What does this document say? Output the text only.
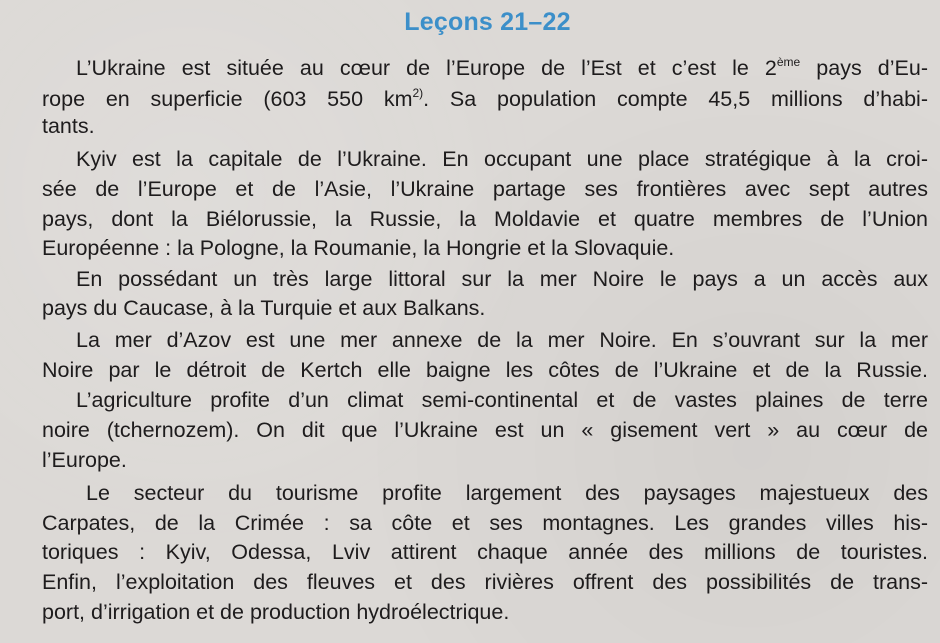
Leçons 21–22
L’Ukraine est située au cœur de l’Europe de l’Est et c’est le 2ème pays d’Eu-
rope en superficie (603 550 $km^{2)}$. Sa population compte 45,5 millions d’habi-
tants.
Kyiv est la capitale de l’Ukraine. En occupant une place stratégique à la croi-
sée de l’Europe et de l’Asie, l’Ukraine partage ses frontières avec sept autres
pays, dont la Biélorussie, la Russie, la Moldavie et quatre membres de l’Union
Européenne : la Pologne, la Roumanie, la Hongrie et la Slovaquie.
En possédant un très large littoral sur la mer Noire le pays a un accès aux
pays du Caucase, à la Turquie et aux Balkans.
La mer d’Azov est une mer annexe de la mer Noire. En s’ouvrant sur la mer
Noire par le détroit de Kertch elle baigne les côtes de l’Ukraine et de la Russie.
L’agriculture profite d’un climat semi-continental et de vastes plaines de terre
noire (tchernozem). On dit que l’Ukraine est un « gisement vert » au cœur de
l’Europe.
Le secteur du tourisme profite largement des paysages majestueux des
Carpates, de la Crimée : sa côte et ses montagnes. Les grandes villes his-
toriques : Kyiv, Odessa, Lviv attirent chaque année des millions de touristes.
Enfin, l’exploitation des fleuves et des rivières offrent des possibilités de trans-
port, d’irrigation et de production hydroélectrique.
